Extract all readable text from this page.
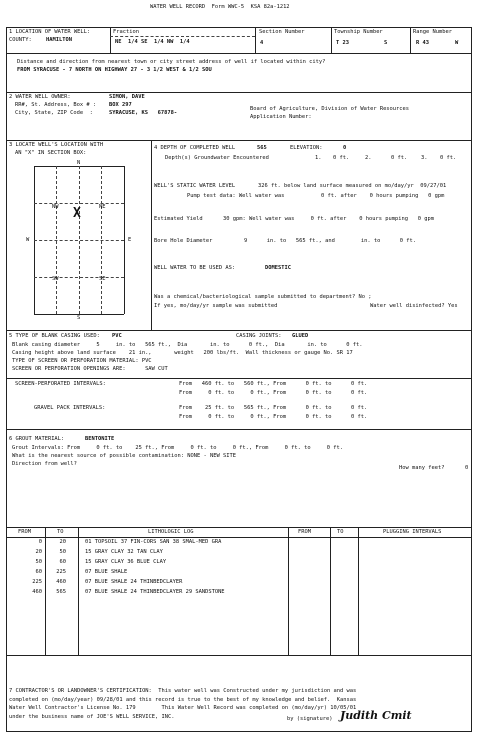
WATER WELL RECORD  Form WWC-5  KSA 82a-1212
1 LOCATION OF WATER WELL:
COUNTY:	HAMILTON
Fraction
NE  1/4 SE  1/4 NW  1/4
Section Number
4
Township Number
T 23	S
Range Number
R 43	W
Distance and direction from nearest town or city street address of well if located within city?
FROM SYRACUSE - 7 NORTH ON HIGHWAY 27 - 3 1/2 WEST & 1/2 SOU
2 WATER WELL OWNER:	SIMON, DAVE
RR#, St. Address, Box # : BOX 297
City, State, ZIP Code  :	SYRACUSE, KS   67878-
Board of Agriculture, Division of Water Resources
Application Number:
3 LOCATE WELL'S LOCATION WITH
AN "X" IN SECTION BOX:
N
S
W	E
NW	NE
SW	SE
X
4 DEPTH OF COMPLETED WELL	565	ELEVATION:	0
Depth(s) Groundwater Encountered	1. 0 ft.	2.	0 ft.	3. 0 ft.
WELL'S STATIC WATER LEVEL	326 ft. below land surface measured on mo/day/yr  09/27/01
Pump test data: Well water was	0 ft. after    0 hours pumping   0 gpm
Estimated Yield	30 gpm: Well water was     0 ft. after    0 hours pumping   0 gpm
Bore Hole Diameter	9      in. to   565 ft., and        in. to      0 ft.
WELL WATER TO BE USED AS:	DOMESTIC
Was a chemical/bacteriological sample submitted to department? No ;
If yes, mo/day/yr sample was submitted	Water well disinfected? Yes
5 TYPE OF BLANK CASING USED: PVC	CASING JOINTS: GLUED
Blank casing diameter     5     in. to   565 ft.,  Dia       in. to      0 ft.,  Dia       in. to      0 ft.
Casing height above land surface    21 in.,       weight   200 lbs/ft.  Wall thickness or gauge No. SR 17
TYPE OF SCREEN OR PERFORATION MATERIAL: PVC
SCREEN OR PERFORATION OPENINGS ARE:      SAW CUT
SCREEN-PERFORATED INTERVALS:	From   460 ft. to   560 ft., From      0 ft. to      0 ft.
From     0 ft. to     0 ft., From      0 ft. to      0 ft.
GRAVEL PACK INTERVALS:	From    25 ft. to   565 ft., From      0 ft. to      0 ft.
From     0 ft. to     0 ft., From      0 ft. to      0 ft.
6 GROUT MATERIAL:	BENTONITE
Grout Intervals: From     0 ft. to    25 ft., From     0 ft. to     0 ft., From     0 ft. to     0 ft.
What is the nearest source of possible contamination: NONE - NEW SITE
Direction from well?
How many feet?	0
FROM	TO	LITHOLOGIC LOG	FROM	TO	PLUGGING INTERVALS
0	20	01 TOPSOIL 37 FIN-CORS SAN 38 SMAL-MED GRA
20	50	15 GRAY CLAY 32 TAN CLAY
50	60	15 GRAY CLAY 36 BLUE CLAY
60	225	07 BLUE SHALE
225	460	07 BLUE SHALE 24 THINBEDCLAYER
460	565	07 BLUE SHALE 24 THINBEDCLAYER 29 SANDSTONE
7 CONTRACTOR'S OR LANDOWNER'S CERTIFICATION:  This water well was Constructed under my jurisdiction and was
completed on (mo/day/year) 09/28/01 and this record is true to the best of my knowledge and belief.  Kansas
Water Well Contractor's License No. 179        This Water Well Record was completed on (mo/day/yr) 10/05/01
under the business name of JOE'S WELL SERVICE, INC.	by (signature) Judith Cmit
